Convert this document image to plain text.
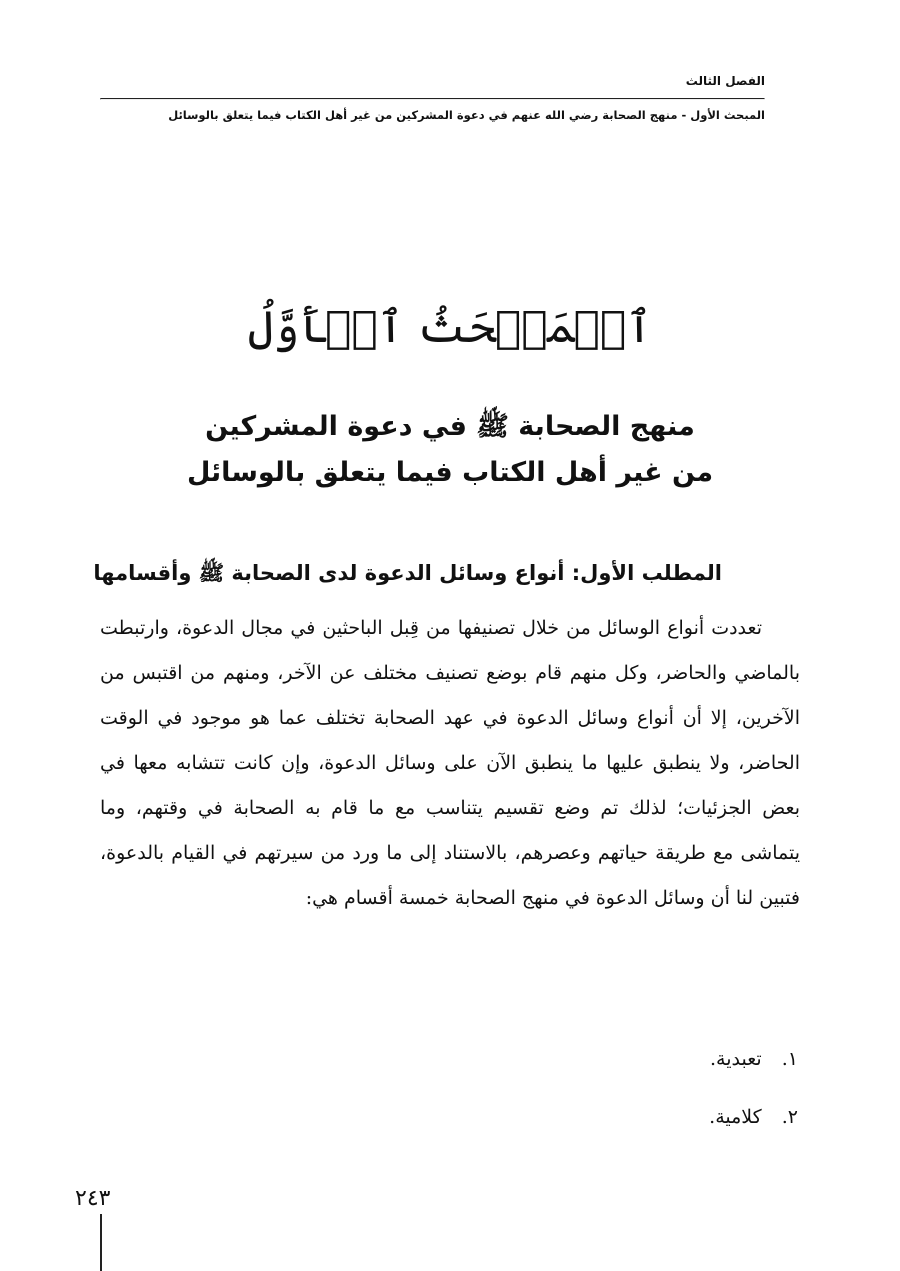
الفصل الثالث
المبحث الأول - منهج الصحابة رضي الله عنهم في دعوة المشركين من غير أهل الكتاب فيما يتعلق بالوسائل
ٱلۡمَبۡحَثُ ٱلۡأَوَّلُ
منهج الصحابة ﷺ في دعوة المشركين
من غير أهل الكتاب فيما يتعلق بالوسائل
المطلب الأول: أنواع وسائل الدعوة لدى الصحابة ﷺ وأقسامها

تعددت أنواع الوسائل من خلال تصنيفها من قِبل الباحثين في مجال الدعوة، وارتبطت بالماضي والحاضر، وكل منهم قام بوضع تصنيف مختلف عن الآخر، ومنهم من اقتبس من الآخرين، إلا أن أنواع وسائل الدعوة في عهد الصحابة تختلف عما هو موجود في الوقت الحاضر، ولا ينطبق عليها ما ينطبق الآن على وسائل الدعوة، وإن كانت تتشابه معها في بعض الجزئيات؛ لذلك تم وضع تقسيم يتناسب مع ما قام به الصحابة في وقتهم، وما يتماشى مع طريقة حياتهم وعصرهم، بالاستناد إلى ما ورد من سيرتهم في القيام بالدعوة، فتبين لنا أن وسائل الدعوة في منهج الصحابة خمسة أقسام هي:

١. تعبدية.
٢. كلامية.
٢٤٣
